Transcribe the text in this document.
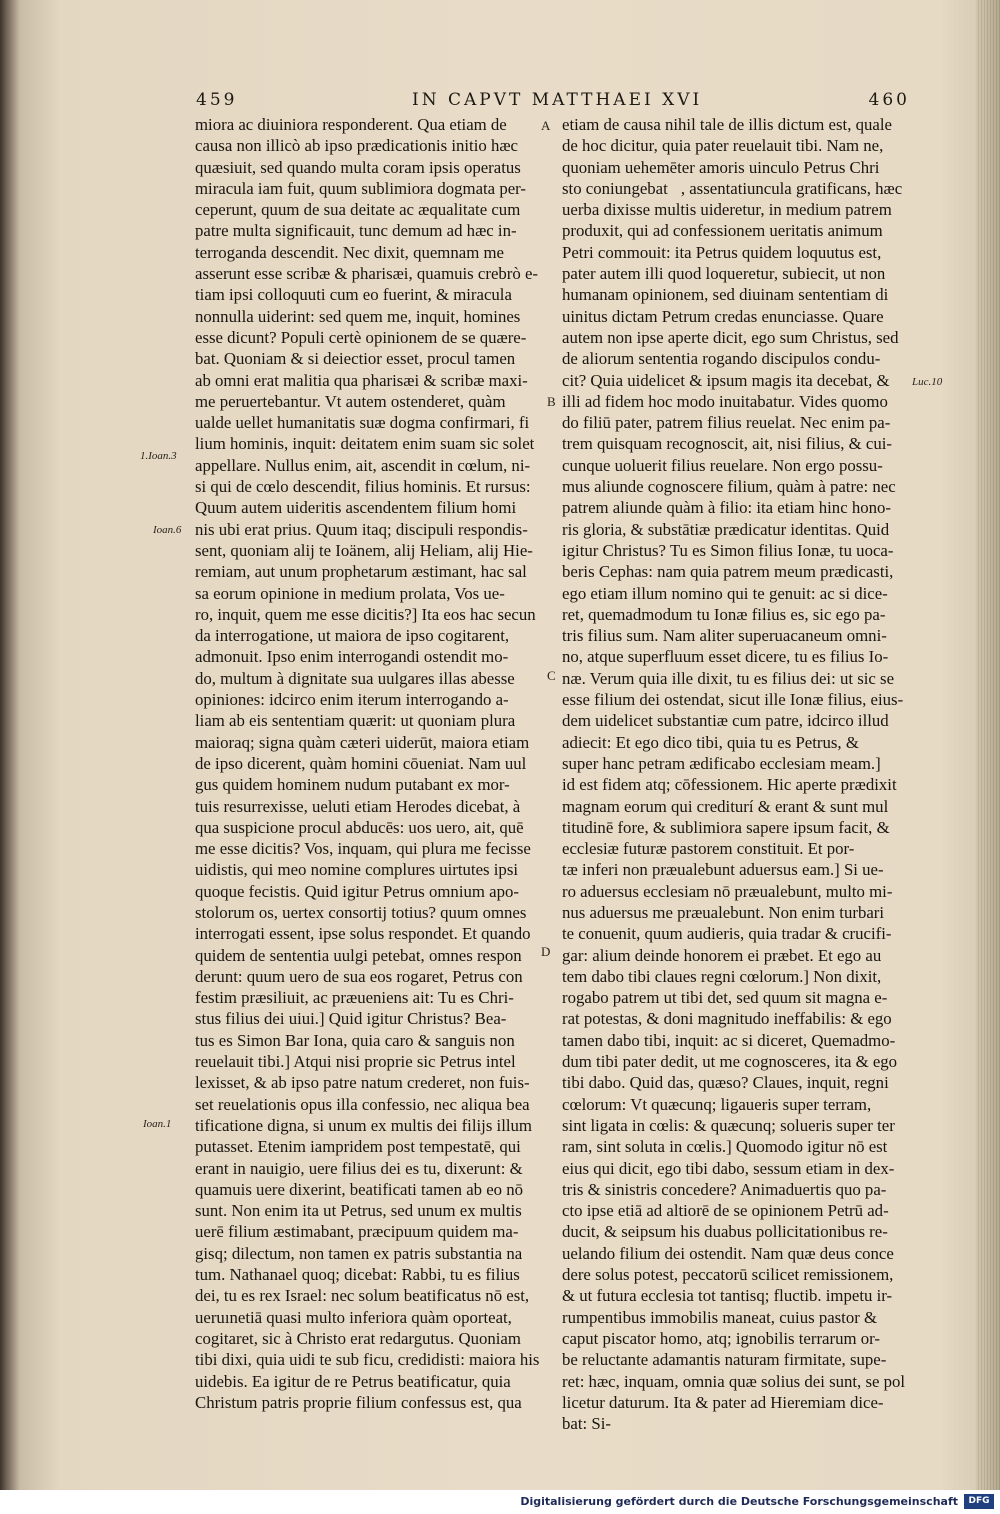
459	IN CAPVT MATTHAEI XVI	460
miora ac diuiniora responderent. Qua etiam de
causa non illicò ab ipso prædicationis initio hæc
quæsiuit, sed quando multa coram ipsis operatus
miracula iam fuit, quum sublimiora dogmata per-
ceperunt, quum de sua deitate ac æqualitate cum
patre multa significauit, tunc demum ad hæc in-
terroganda descendit. Nec dixit, quemnam me
asserunt esse scribæ & pharisæi, quamuis crebrò e-
tiam ipsi colloquuti cum eo fuerint, & miracula
nonnulla uiderint: sed quem me, inquit, homines
esse dicunt? Populi certè opinionem de se quære-
bat. Quoniam & si deiectior esset, procul tamen
ab omni erat malitia qua pharisæi & scribæ maxi-
me peruertebantur. Vt autem ostenderet, quàm
ualde uellet humanitatis suæ dogma confirmari, fi
lium hominis, inquit: deitatem enim suam sic solet
appellare. Nullus enim, ait, ascendit in cœlum, ni-
si qui de cœlo descendit, filius hominis. Et rursus:
Quum autem uideritis ascendentem filium homi
nis ubi erat prius. Quum itaq; discipuli respondis-
sent, quoniam alij te Ioänem, alij Heliam, alij Hie-
remiam, aut unum prophetarum æstimant, hac sal
sa eorum opinione in medium prolata, Vos ue-
ro, inquit, quem me esse dicitis?] Ita eos hac secun
da interrogatione, ut maiora de ipso cogitarent,
admonuit. Ipso enim interrogandi ostendit mo-
do, multum à dignitate sua uulgares illas abesse
opiniones: idcirco enim iterum interrogando a-
liam ab eis sententiam quærit: ut quoniam plura
maioraq; signa quàm cæteri uiderūt, maiora etiam
de ipso dicerent, quàm homini cōueniat. Nam uul
gus quidem hominem nudum putabant ex mor-
tuis resurrexisse, ueluti etiam Herodes dicebat, à
qua suspicione procul abducēs: uos uero, ait, quē
me esse dicitis? Vos, inquam, qui plura me fecisse
uidistis, qui meo nomine complures uirtutes ipsi
quoque fecistis. Quid igitur Petrus omnium apo-
stolorum os, uertex consortij totius? quum omnes
interrogati essent, ipse solus respondet. Et quando
quidem de sententia uulgi petebat, omnes respon
derunt: quum uero de sua eos rogaret, Petrus con
festim præsiliuit, ac præueniens ait: Tu es Chri-
stus filius dei uiui.] Quid igitur Christus? Bea-
tus es Simon Bar Iona, quia caro & sanguis non
reuelauit tibi.] Atqui nisi proprie sic Petrus intel
lexisset, & ab ipso patre natum crederet, non fuis-
set reuelationis opus illa confessio, nec aliqua bea
tificatione digna, si unum ex multis dei filijs illum
putasset. Etenim iampridem post tempestatē, qui
erant in nauigio, uere filius dei es tu, dixerunt: &
quamuis uere dixerint, beatificati tamen ab eo nō
sunt. Non enim ita ut Petrus, sed unum ex multis
uerē filium æstimabant, præcipuum quidem ma-
gisq; dilectum, non tamen ex patris substantia na
tum. Nathanael quoq; dicebat: Rabbi, tu es filius
dei, tu es rex Israel: nec solum beatificatus nō est,
ueruınetiā quasi multo inferiora quàm oporteat,
cogitaret, sic à Christo erat redargutus. Quoniam
tibi dixi, quia uidi te sub ficu, credidisti: maiora his
uidebis. Ea igitur de re Petrus beatificatur, quia
Christum patris proprie filium confessus est, qua
etiam de causa nihil tale de illis dictum est, quale
de hoc dicitur, quia pater reuelauit tibi. Nam ne,
quoniam uehemēter amoris uinculo Petrus Chri
sto coniungebatᷣ, assentatiuncula gratificans, hæc
uerba dixisse multis uideretur, in medium patrem
produxit, qui ad confessionem ueritatis animum
Petri commouit: ita Petrus quidem loquutus est,
pater autem illi quod loqueretur, subiecit, ut non
humanam opinionem, sed diuinam sententiam di
uinitus dictam Petrum credas enunciasse. Quare
autem non ipse aperte dicit, ego sum Christus, sed
de aliorum sententia rogando discipulos condu-
cit? Quia uidelicet & ipsum magis ita decebat, &
illi ad fidem hoc modo inuitabatur. Vides quomo
do filiū pater, patrem filius reuelat. Nec enim pa-
trem quisquam recognoscit, ait, nisi filius, & cui-
cunque uoluerit filius reuelare. Non ergo possu-
mus aliunde cognoscere filium, quàm à patre: nec
patrem aliunde quàm à filio: ita etiam hinc hono-
ris gloria, & substātiæ prædicatur identitas. Quid
igitur Christus? Tu es Simon filius Ionæ, tu uoca-
beris Cephas: nam quia patrem meum prædicasti,
ego etiam illum nomino qui te genuit: ac si dice-
ret, quemadmodum tu Ionæ filius es, sic ego pa-
tris filius sum. Nam aliter superuacaneum omni-
no, atque superfluum esset dicere, tu es filius Io-
næ. Verum quia ille dixit, tu es filius dei: ut sic se
esse filium dei ostendat, sicut ille Ionæ filius, eius-
dem uidelicet substantiæ cum patre, idcirco illud
adiecit: Et ego dico tibi, quia tu es Petrus, &
super hanc petram ædificabo ecclesiam meam.]
id est fidem atq; cōfessionem. Hic aperte prædixit
magnam eorum qui crediturí & erant & sunt mul
titudinē fore, & sublimiora sapere ipsum facit, &
ecclesiæ futuræ pastorem constituit. Et por-
tæ inferi non præualebunt aduersus eam.] Si ue-
ro aduersus ecclesiam nō præualebunt, multo mi-
nus aduersus me præualebunt. Non enim turbari
te conuenit, quum audieris, quia tradar & crucifi-
gar: alium deinde honorem ei præbet. Et ego au
tem dabo tibi claues regni cœlorum.] Non dixit,
rogabo patrem ut tibi det, sed quum sit magna e-
rat potestas, & doni magnitudo ineffabilis: & ego
tamen dabo tibi, inquit: ac si diceret, Quemadmo-
dum tibi pater dedit, ut me cognosceres, ita & ego
tibi dabo. Quid das, quæso? Claues, inquit, regni
cœlorum: Vt quæcunq; ligaueris super terram,
sint ligata in cœlis: & quæcunq; solueris super ter
ram, sint soluta in cœlis.] Quomodo igitur nō est
eius qui dicit, ego tibi dabo, sessum etiam in dex-
tris & sinistris concedere? Animaduertis quo pa-
cto ipse etiā ad altiorē de se opinionem Petrū ad-
ducit, & seipsum his duabus pollicitationibus re-
uelando filium dei ostendit. Nam quæ deus conce
dere solus potest, peccatorū scilicet remissionem,
& ut futura ecclesia tot tantisq; fluctib. impetu ir-
rumpentibus immobilis maneat, cuius pastor &
caput piscator homo, atq; ignobilis terrarum or-
be reluctante adamantis naturam firmitate, supe-
ret: hæc, inquam, omnia quæ solius dei sunt, se pol
licetur daturum. Ita & pater ad Hieremiam dice-
bat: Si-
A
B
C
D
1.Ioan.3
Ioan.6
Luc.10
Ioan.1
Digitalisierung gefördert durch die Deutsche Forschungsgemeinschaft	DFG
